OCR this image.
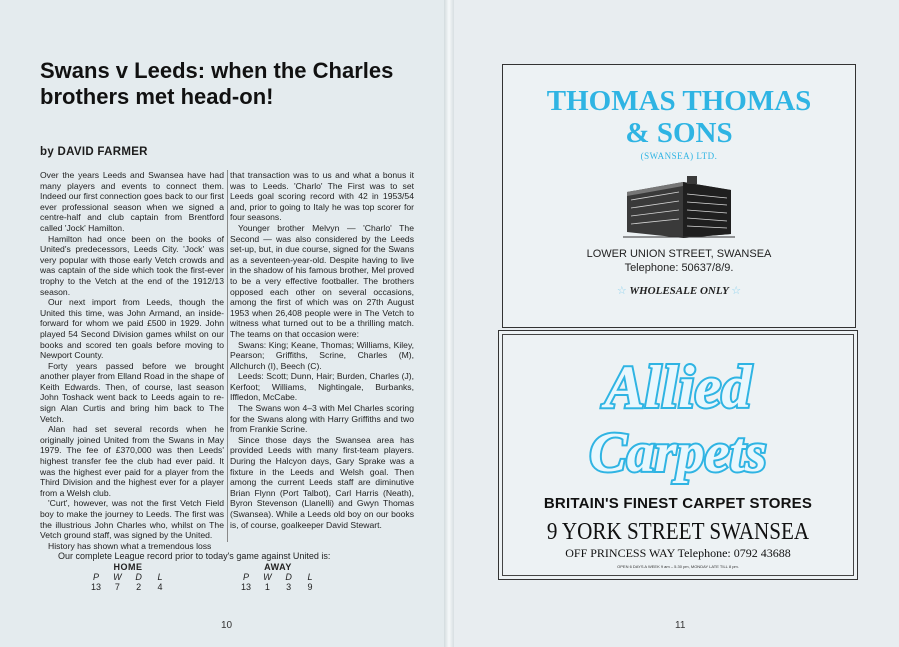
Swans v Leeds: when the Charles brothers met head-on!
by DAVID FARMER

Over the years Leeds and Swansea have had many players and events to connect them. Indeed our first connection goes back to our first ever professional season when we signed a centre-half and club captain from Brentford called 'Jock' Hamilton.

Hamilton had once been on the books of United's predecessors, Leeds City. 'Jock' was very popular with those early Vetch crowds and was captain of the side which took the first-ever trophy to the Vetch at the end of the 1912/13 season.

Our next import from Leeds, though the United this time, was John Armand, an inside-forward for whom we paid £500 in 1929. John played 54 Second Division games whilst on our books and scored ten goals before moving to Newport County.

Forty years passed before we brought another player from Elland Road in the shape of Keith Edwards. Then, of course, last season John Toshack went back to Leeds again to re-sign Alan Curtis and bring him back to The Vetch.

Alan had set several records when he originally joined United from the Swans in May 1979. The fee of £370,000 was then Leeds' highest transfer fee the club had ever paid. It was the highest ever paid for a player from the Third Division and the highest ever for a player from a Welsh club.

'Curt', however, was not the first Vetch Field boy to make the journey to Leeds. The first was the illustrious John Charles who, whilst on The Vetch ground staff, was signed by the United.

History has shown what a tremendous loss

that transaction was to us and what a bonus it was to Leeds. 'Charlo' The First was to set Leeds goal scoring record with 42 in 1953/54 and, prior to going to Italy he was top scorer for four seasons.

Younger brother Melvyn — 'Charlo' The Second — was also considered by the Leeds set-up, but, in due course, signed for the Swans as a seventeen-year-old. Despite having to live in the shadow of his famous brother, Mel proved to be a very effective footballer. The brothers opposed each other on several occasions, among the first of which was on 27th August 1953 when 26,408 people were in The Vetch to witness what turned out to be a thrilling match. The teams on that occasion were:

Swans: King; Keane, Thomas; Williams, Kiley, Pearson; Griffiths, Scrine, Charles (M), Allchurch (I), Beech (C).

Leeds: Scott; Dunn, Hair; Burden, Charles (J), Kerfoot; Williams, Nightingale, Burbanks, Iffledon, McCabe.

The Swans won 4–3 with Mel Charles scoring for the Swans along with Harry Griffiths and two from Frankie Scrine.

Since those days the Swansea area has provided Leeds with many first-team players. During the Halcyon days, Gary Sprake was a fixture in the Leeds and Welsh goal. Then among the current Leeds staff are diminutive Brian Flynn (Port Talbot), Carl Harris (Neath), Byron Stevenson (Llanelli) and Gwyn Thomas (Swansea). While a Leeds old boy on our books is, of course, goalkeeper David Stewart.

Our complete League record prior to today's game against United is:
HOME
P	W	D	L
13	7	2	4
AWAY
P	W	D	L
13	1	3	9
10	11
THOMAS THOMAS
& SONS
(SWANSEA) LTD.
LOWER UNION STREET, SWANSEA
Telephone: 50637/8/9.
☆ WHOLESALE ONLY ☆
Allied
Carpets
BRITAIN'S FINEST CARPET STORES
9 YORK STREET SWANSEA
OFF PRINCESS WAY Telephone: 0792 43688
OPEN 6 DAYS A WEEK 9 am – 5.30 pm, MONDAY LATE TILL 8 pm.
